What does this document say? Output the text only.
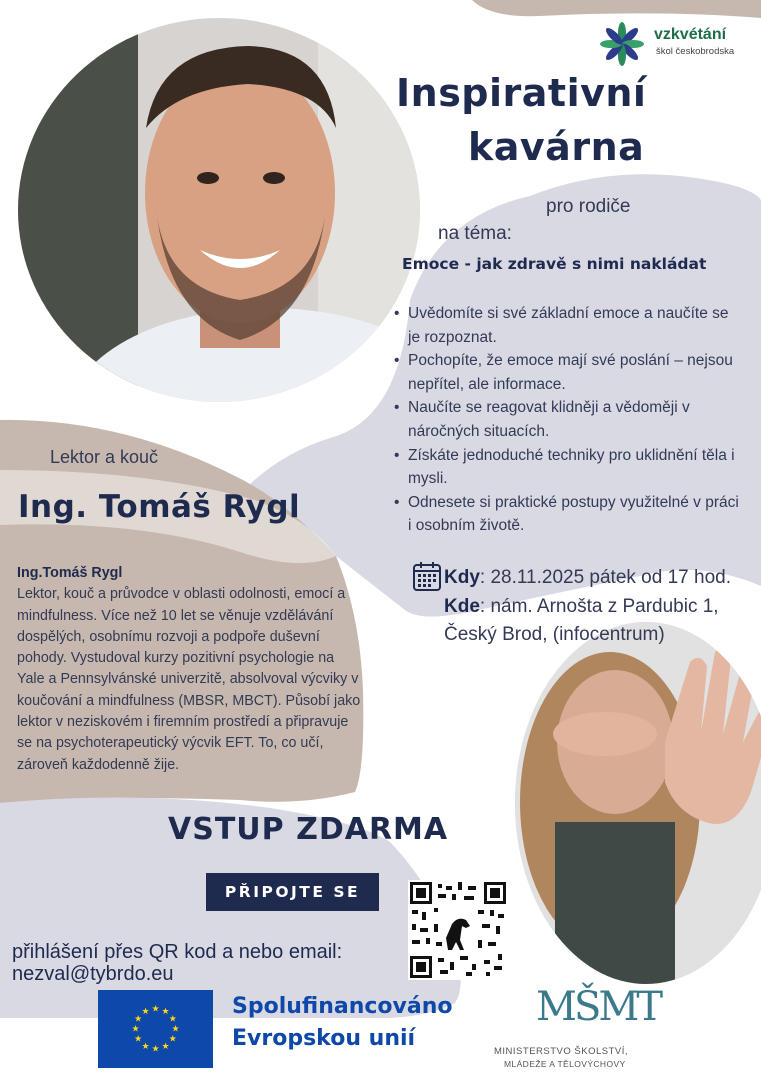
vzkvétání
škol českobrodska
Inspirativní
kavárna
pro rodiče
na téma:
Emoce - jak zdravě s nimi nakládat
• Uvědomíte si své základní emoce a naučíte se je rozpoznat.
• Pochopíte, že emoce mají své poslání – nejsou nepřítel, ale informace.
• Naučíte se reagovat klidněji a vědoměji v náročných situacích.
• Získáte jednoduché techniky pro uklidnění těla i mysli.
• Odnesete si praktické postupy využitelné v práci i osobním životě.
Lektor a kouč
Ing. Tomáš Rygl
Ing.Tomáš Rygl
Lektor, kouč a průvodce v oblasti odolnosti, emocí a mindfulness. Více než 10 let se věnuje vzdělávání dospělých, osobnímu rozvoji a podpoře duševní pohody. Vystudoval kurzy pozitivní psychologie na Yale a Pennsylvánské univerzitě, absolvoval výcviky v koučování a mindfulness (MBSR, MBCT). Působí jako lektor v neziskovém i firemním prostředí a připravuje se na psychoterapeutický výcvik EFT. To, co učí, zároveň každodenně žije.
Kdy: 28.11.2025 pátek od 17 hod.
Kde: nám. Arnošta z Pardubic 1,
Český Brod, (infocentrum)
VSTUP ZDARMA
PŘIPOJTE SE
přihlášení přes QR kod a nebo email:
nezval@tybrdo.eu
★ ★
★
★
★
★
★
★
★
★
★
★	Spolufinancováno
Evropskou unií
MŠMT
MINISTERSTVO ŠKOLSTVÍ,
MLÁDEŽE A TĚLOVÝCHOVY
